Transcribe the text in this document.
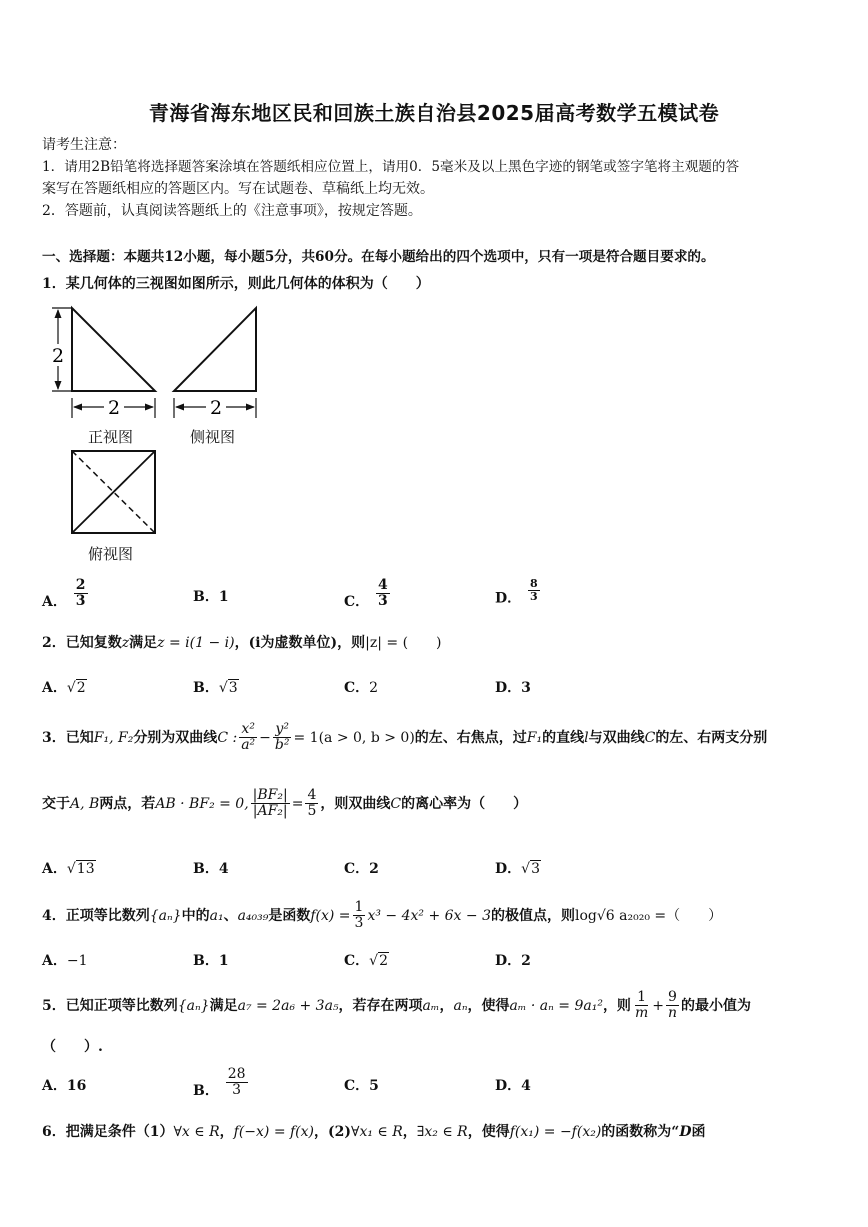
青海省海东地区民和回族土族自治县2025届高考数学五模试卷
请考生注意：
1．请用2B铅笔将选择题答案涂填在答题纸相应位置上，请用0．5毫米及以上黑色字迹的钢笔或签字笔将主观题的答
案写在答题纸相应的答题区内。写在试题卷、草稿纸上均无效。
2．答题前，认真阅读答题纸上的《注意事项》，按规定答题。
一、选择题：本题共12小题，每小题5分，共60分。在每小题给出的四个选项中，只有一项是符合题目要求的。
1．某几何体的三视图如图所示，则此几何体的体积为（　　）
2
2	2
正视图	侧视图
俯视图
A． $\frac{2}{3}$	B．1	C． $\frac{4}{3}$	D． $\frac{8}{3}$
2．已知复数z满足z = i(1 − i)，(i为虚数单位)，则|z| = (　　)
A．√2	B．√3	C．2	D．3
3．已知F₁, F₂分别为双曲线C : $\frac{\text{x²}}{\text{a²}} - \frac{\text{y²}}{\text{b²}} = 1(a > 0$, b > 0)的左、右焦点，过F₁的直线l与双曲线C的左、右两支分别
交于A, B两点，若AB · BF₂ = 0, $\frac{\text{|BF₂|}}{\text{|AF₂|}} = \frac{4}{5}$ ，则双曲线C的离心率为（　　）
A．√13	B．4	C．2	D．√3
4．正项等比数列{aₙ}中的a₁、a₄₀₃₉是函数$f(x) = \frac{1}{3} x^3 - 4x^2 + 6x - 3$的极值点，则log√6 a₂₀₂₀ =（　　）
A．−1	B．1	C．√2	D．2
5．已知正项等比数列{aₙ}满足a₇ = 2a₆ + 3a₅，若存在两项aₘ，aₙ，使得aₘ · aₙ = 9a₁²，则 $\frac{1}{m} + \frac{9}{n}$ 的最小值为
（　　）.
A．16	B． $\frac{28}{3}$	C．5	D．4
6．把满足条件（1）∀x ∈ R，f(−x) = f(x)，(2)∀x₁ ∈ R，∃x₂ ∈ R，使得f(x₁) = −f(x₂)的函数称为“D函
